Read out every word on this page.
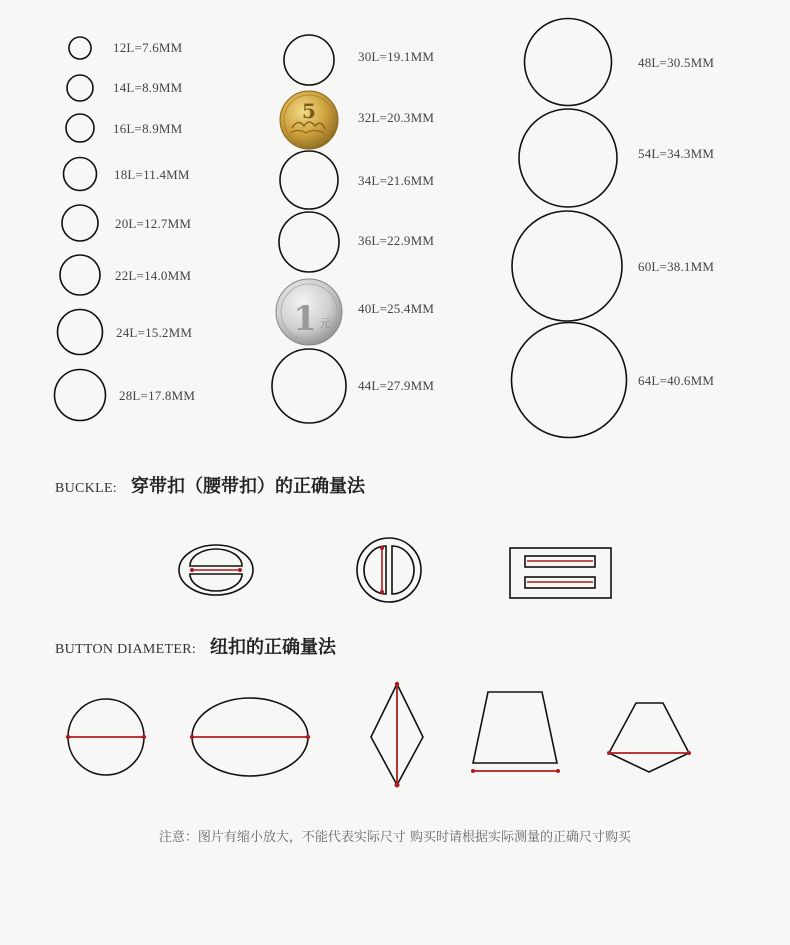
5
1 元
12L=7.6MM
14L=8.9MM
16L=8.9MM
18L=11.4MM
20L=12.7MM
22L=14.0MM
24L=15.2MM
28L=17.8MM
30L=19.1MM
32L=20.3MM
34L=21.6MM
36L=22.9MM
40L=25.4MM
44L=27.9MM
48L=30.5MM
54L=34.3MM
60L=38.1MM
64L=40.6MM
BUCKLE: 穿带扣（腰带扣）的正确量法
BUTTON DIAMETER: 纽扣的正确量法
注意：图片有缩小放大，不能代表实际尺寸 购买时请根据实际测量的正确尺寸购买
